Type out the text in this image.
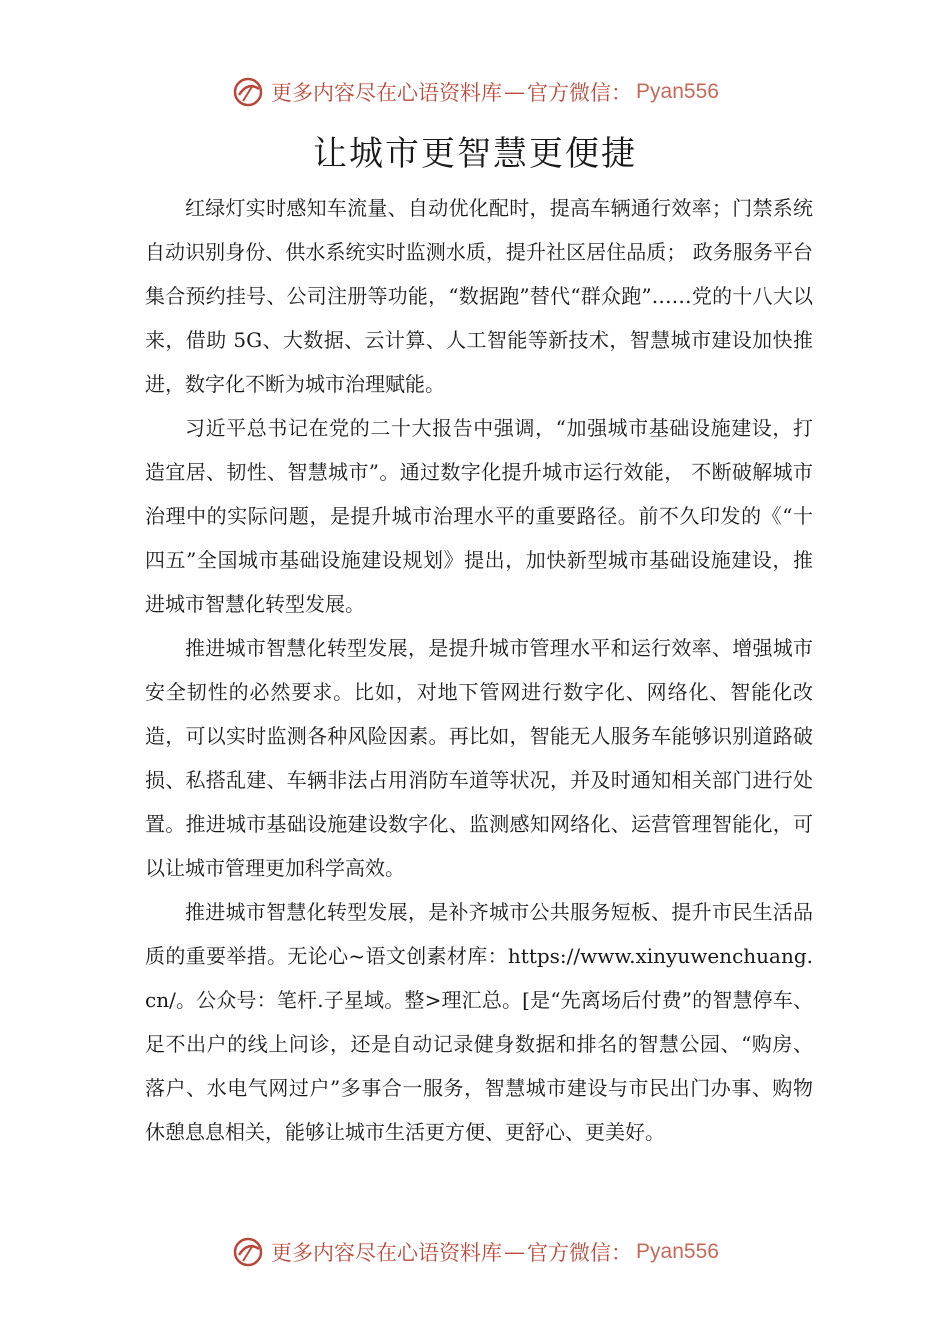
更多内容尽在心语资料库 — 官方微信： Pyan556
让城市更智慧更便捷

红绿灯实时感知车流量、自动优化配时，提高车辆通行效率；门禁系统自动识别身份、供水系统实时监测水质，提升社区居住品质； 政务服务平台集合预约挂号、公司注册等功能，“数据跑”替代“群众跑”……党的十八大以来，借助 5G、大数据、云计算、人工智能等新技术，智慧城市建设加快推进，数字化不断为城市治理赋能。

习近平总书记在党的二十大报告中强调，“加强城市基础设施建设，打造宜居、韧性、智慧城市”。通过数字化提升城市运行效能， 不断破解城市治理中的实际问题，是提升城市治理水平的重要路径。前不久印发的《“十四五”全国城市基础设施建设规划》提出，加快新型城市基础设施建设，推进城市智慧化转型发展。

推进城市智慧化转型发展，是提升城市管理水平和运行效率、增强城市安全韧性的必然要求。比如，对地下管网进行数字化、网络化、智能化改造，可以实时监测各种风险因素。再比如，智能无人服务车能够识别道路破损、私搭乱建、车辆非法占用消防车道等状况，并及时通知相关部门进行处置。推进城市基础设施建设数字化、监测感知网络化、运营管理智能化，可以让城市管理更加科学高效。

推进城市智慧化转型发展，是补齐城市公共服务短板、提升市民生活品质的重要举措。无论心~语文创素材库：https://www.xinyuwenchuang.cn/。公众号：笔杆.子星域。整>理汇总。[是“先离场后付费”的智慧停车、足不出户的线上问诊，还是自动记录健身数据和排名的智慧公园、“购房、落户、水电气网过户”多事合一服务，智慧城市建设与市民出门办事、购物休憩息息相关，能够让城市生活更方便、更舒心、更美好。

更多内容尽在心语资料库 — 官方微信： Pyan556
